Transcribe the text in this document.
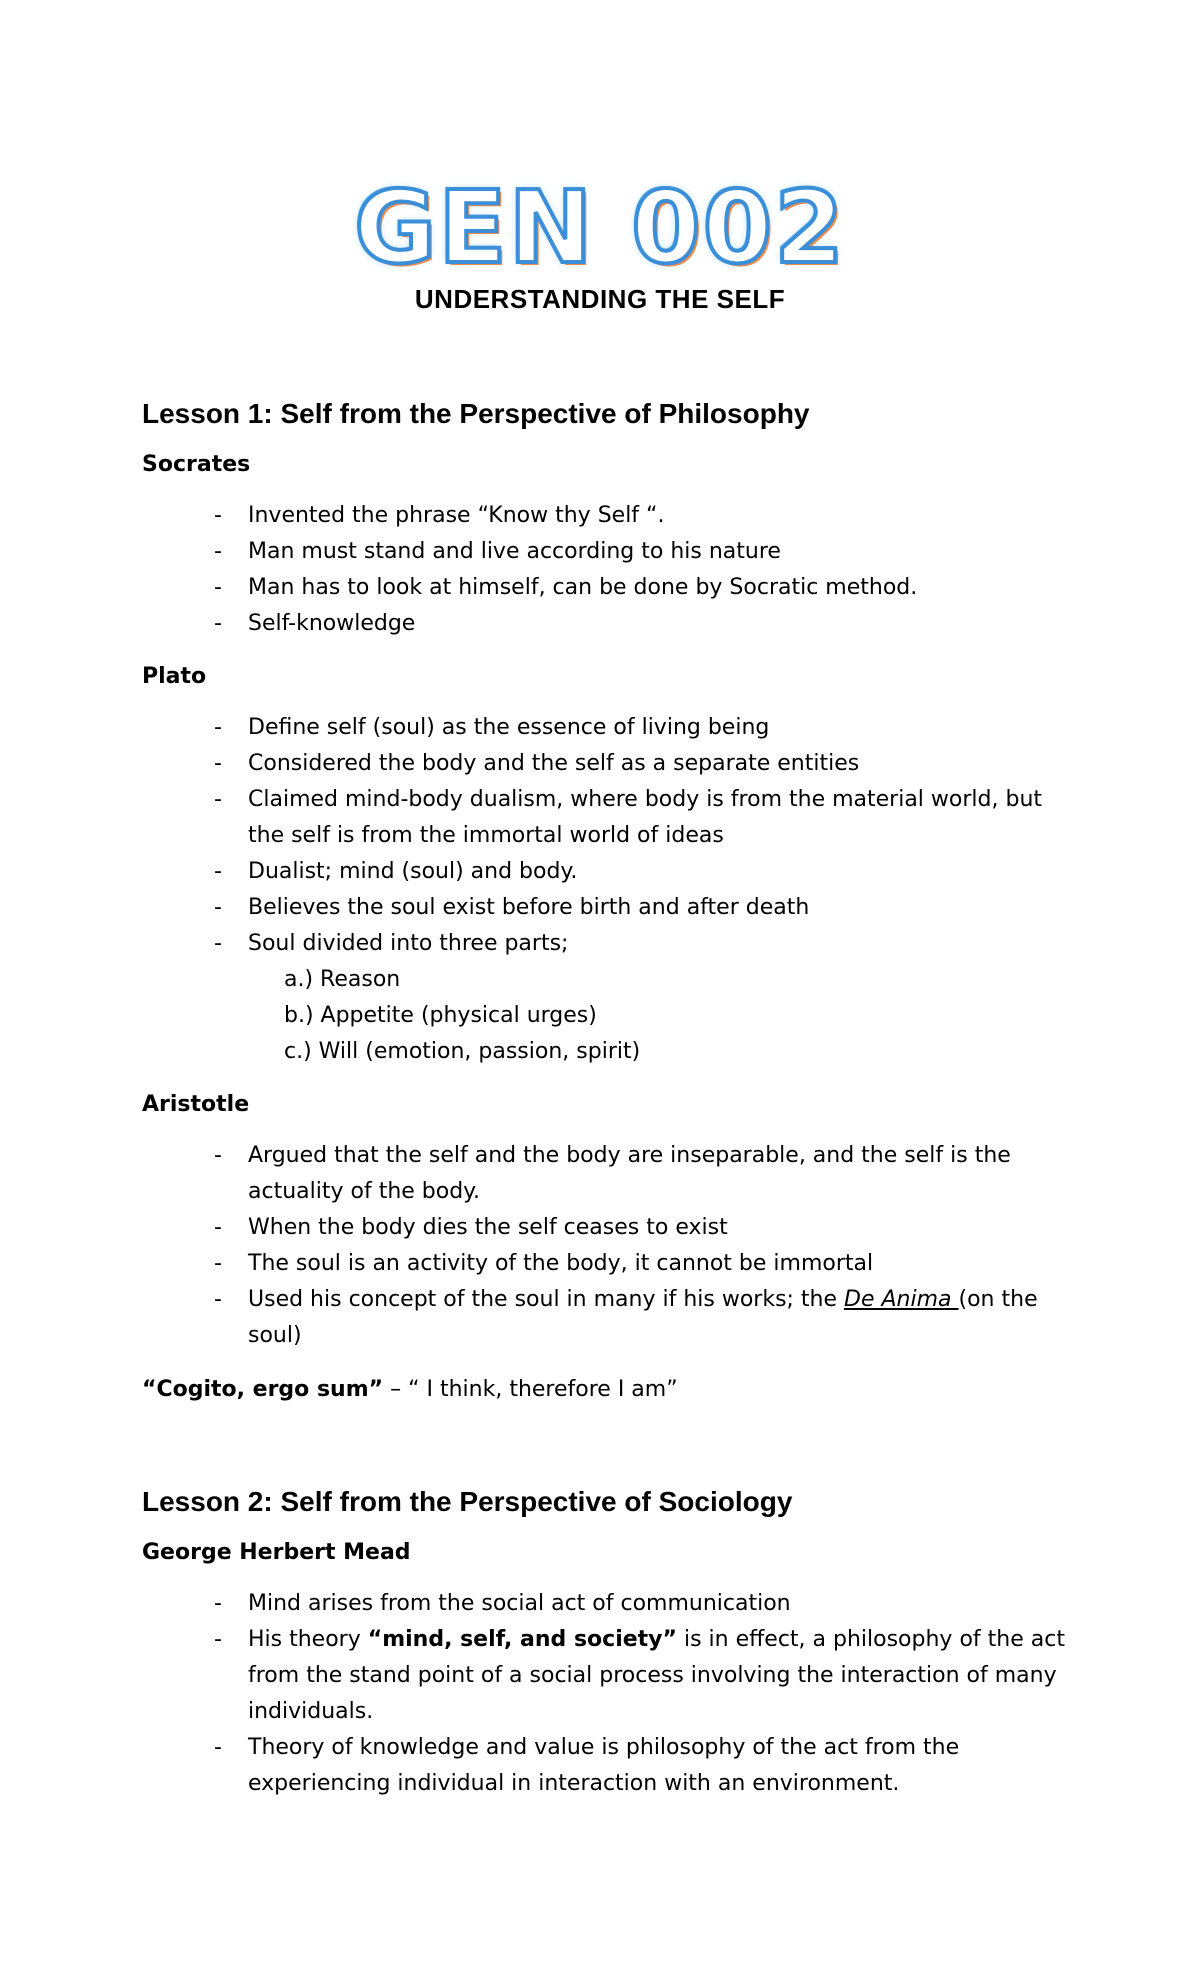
GEN 002
UNDERSTANDING THE SELF
Lesson 1: Self from the Perspective of Philosophy
Socrates
- Invented the phrase “Know thy Self “.
- Man must stand and live according to his nature
- Man has to look at himself, can be done by Socratic method.
- Self-knowledge
Plato
- Define self (soul) as the essence of living being
- Considered the body and the self as a separate entities
- Claimed mind-body dualism, where body is from the material world, but the self is from the immortal world of ideas
- Dualist; mind (soul) and body.
- Believes the soul exist before birth and after death
- Soul divided into three parts;
a.) Reason
b.) Appetite (physical urges)
c.) Will (emotion, passion, spirit)
Aristotle
- Argued that the self and the body are inseparable, and the self is the actuality of the body.
- When the body dies the self ceases to exist
- The soul is an activity of the body, it cannot be immortal
- Used his concept of the soul in many if his works; the De Anima (on the soul)
“Cogito, ergo sum” – “ I think, therefore I am”
Lesson 2: Self from the Perspective of Sociology
George Herbert Mead
- Mind arises from the social act of communication
- His theory “mind, self, and society” is in effect, a philosophy of the act from the stand point of a social process involving the interaction of many individuals.
- Theory of knowledge and value is philosophy of the act from the experiencing individual in interaction with an environment.
